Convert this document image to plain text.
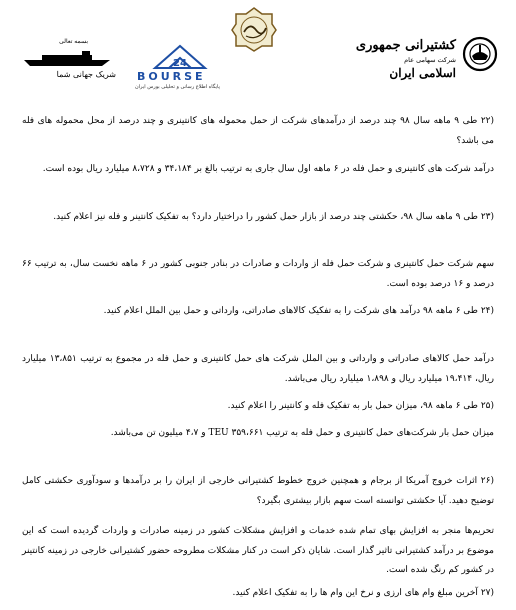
کشتیرانی جمهوری
شرکت سهامی عام
اسلامی ایران
24
BOURSE
پایگاه اطلاع رسانی و تحلیلی بورس ایران
بسمه تعالی
شریک جهانی شما
(۲۲ طی ۹ ماهه سال ۹۸ چند درصد از درآمدهای شرکت از حمل محموله های کانتینری و چند درصد از محل محموله های فله می باشد؟
درآمد شرکت های کانتینری و حمل فله در ۶ ماهه اول سال جاری به ترتیب بالغ بر ۳۴،۱۸۴ و ۸،۷۲۸ میلیارد ریال بوده است.
(۲۳ طی ۹ ماهه سال ۹۸، حکشتی چند درصد از بازار حمل کشور را دراختیار دارد؟ به تفکیک کانتینر و فله نیز اعلام کنید.
سهم شرکت حمل کانتینری و شرکت حمل فله از واردات و صادرات در بنادر جنوبی کشور در ۶ ماهه نخست سال، به ترتیب ۶۶ درصد و ۱۶ درصد بوده است.
(۲۴ طی ۶ ماهه ۹۸ درآمد های شرکت را به تفکیک کالاهای صادراتی، وارداتی و حمل بین الملل اعلام کنید.
درآمد حمل کالاهای صادراتی و وارداتی و بین الملل شرکت های حمل کانتینری و حمل فله در مجموع به ترتیب ۱۳،۸۵۱ میلیارد ریال، ۱۹،۴۱۴ میلیارد ریال و ۱،۸۹۸ میلیارد ریال می‌باشد.
(۲۵ طی ۶ ماهه ۹۸، میزان حمل بار به تفکیک فله و کانتینر را اعلام کنید.
میزان حمل بار شرکت‌های حمل کانتینری و حمل فله به ترتیب TEU ۳۵۹،۶۶۱ و ۴،۷ میلیون تن می‌باشد.
(۲۶ اثرات خروج آمریکا از برجام و همچنین خروج خطوط کشتیرانی خارجی از ایران را بر درآمدها و سودآوری حکشتی کامل توضیح دهید. آیا حکشتی توانسته است سهم بازار بیشتری بگیرد؟
تحریم‌ها منجر به افزایش بهای تمام شده خدمات و افزایش مشکلات کشور در زمینه صادرات و واردات گردیده است که این موضوع بر درآمد کشتیرانی تاثیر گذار است. شایان ذکر است در کنار مشکلات مطروحه حضور کشتیرانی خارجی در زمینه کانتینر در کشور کم رنگ شده است.
(۲۷ آخرین مبلغ وام های ارزی و نرخ این وام ها را به تفکیک اعلام کنید.
